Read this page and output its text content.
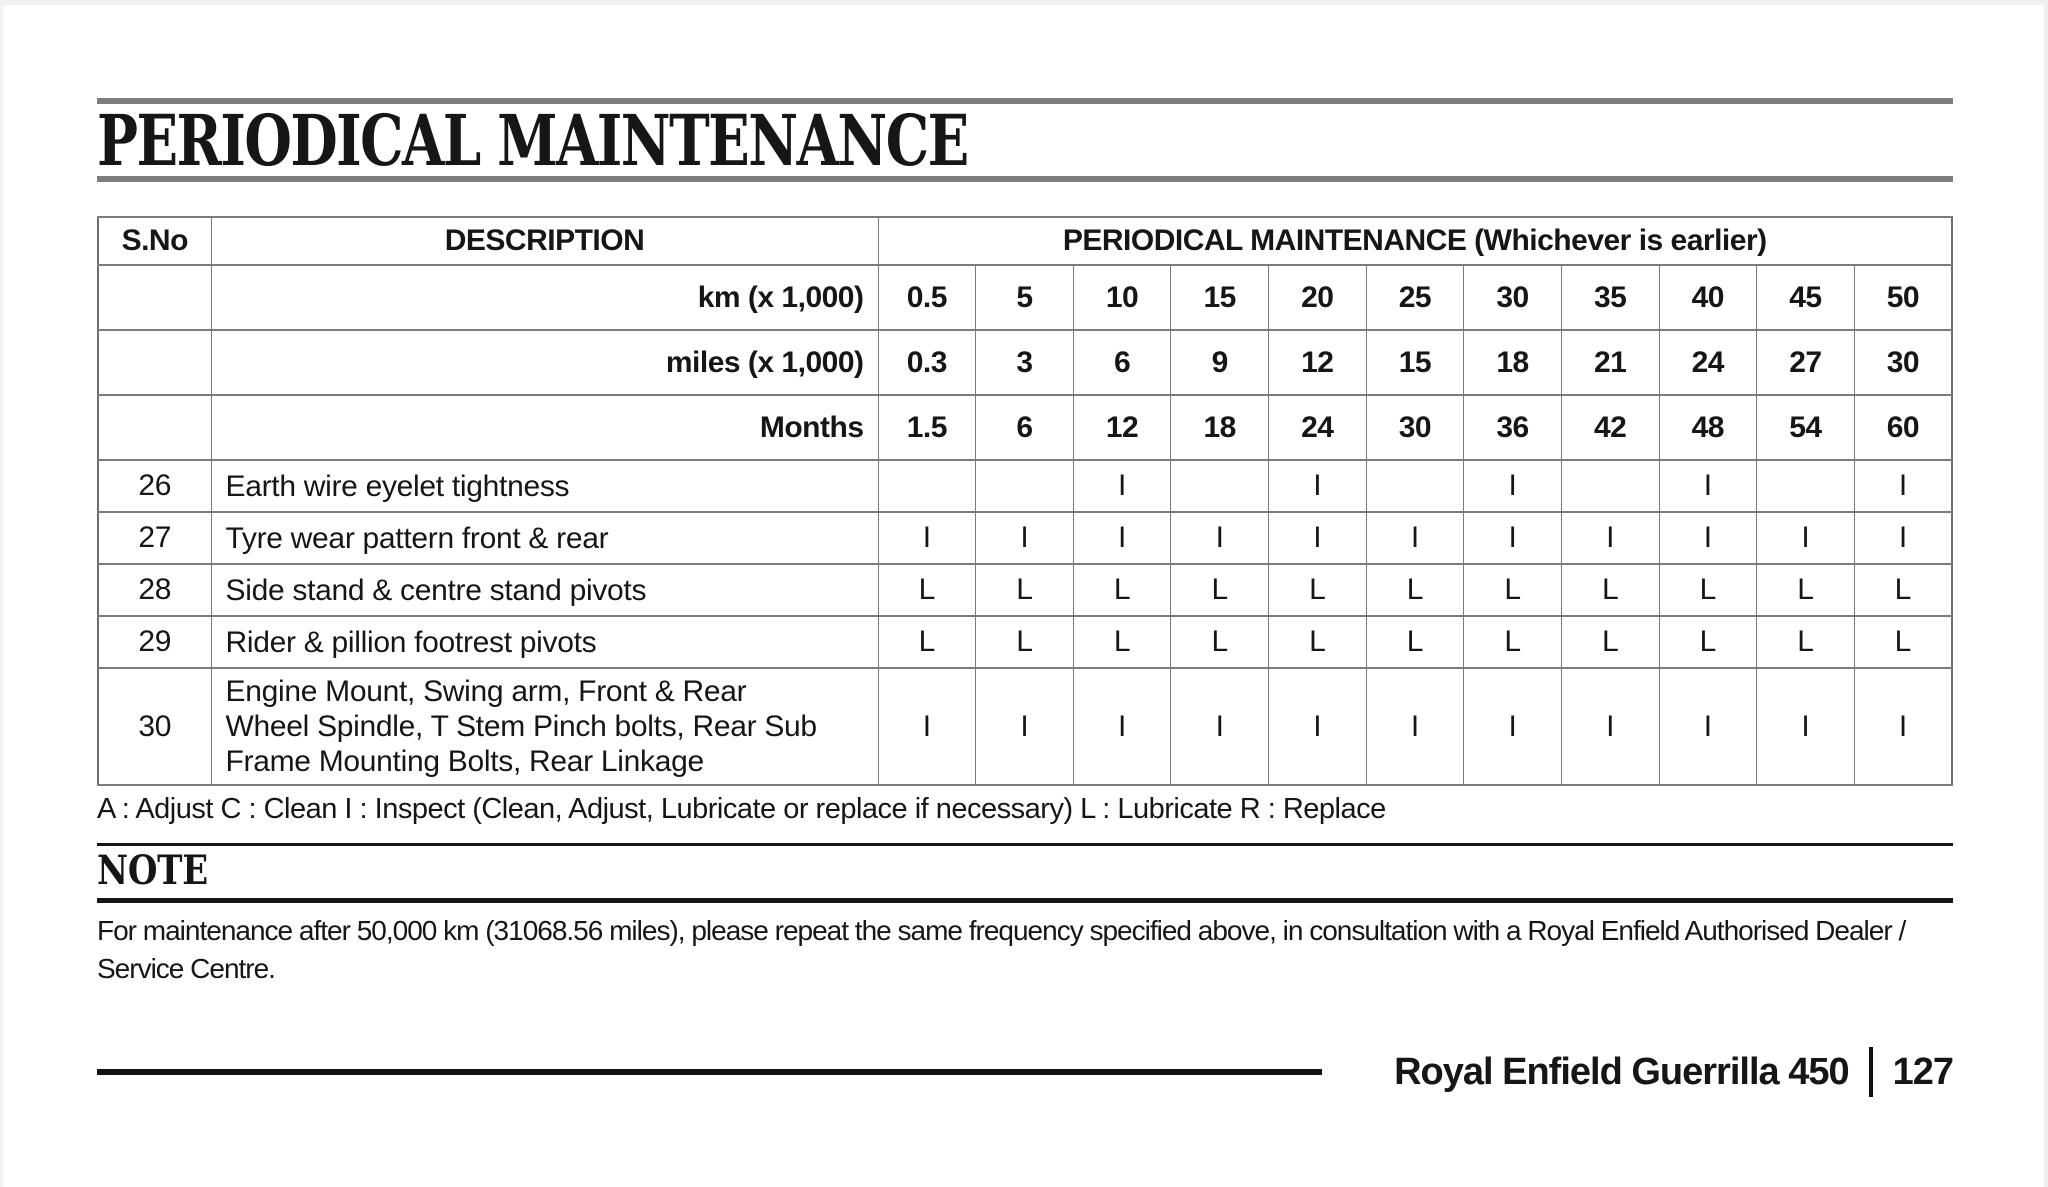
PERIODICAL MAINTENANCE
S.No	DESCRIPTION	PERIODICAL MAINTENANCE (Whichever is earlier)										
	km (x 1,000)	0.5	5	10	15	20	25	30	35	40	45	50
	miles (x 1,000)	0.3	3	6	9	12	15	18	21	24	27	30
	Months	1.5	6	12	18	24	30	36	42	48	54	60
26	Earth wire eyelet tightness			I		I		I		I		I
27	Tyre wear pattern front & rear	I	I	I	I	I	I	I	I	I	I	I
28	Side stand & centre stand pivots	L	L	L	L	L	L	L	L	L	L	L
29	Rider & pillion footrest pivots	L	L	L	L	L	L	L	L	L	L	L
30	Engine Mount, Swing arm, Front & Rear
Wheel Spindle, T Stem Pinch bolts, Rear Sub
Frame Mounting Bolts, Rear Linkage	I	I	I	I	I	I	I	I	I	I	I
A : Adjust C : Clean I : Inspect (Clean, Adjust, Lubricate or replace if necessary) L : Lubricate R : Replace
NOTE

For maintenance after 50,000 km (31068.56 miles), please repeat the same frequency specified above, in consultation with a Royal Enfield Authorised Dealer / Service Centre.

Royal Enfield Guerrilla 450 127
